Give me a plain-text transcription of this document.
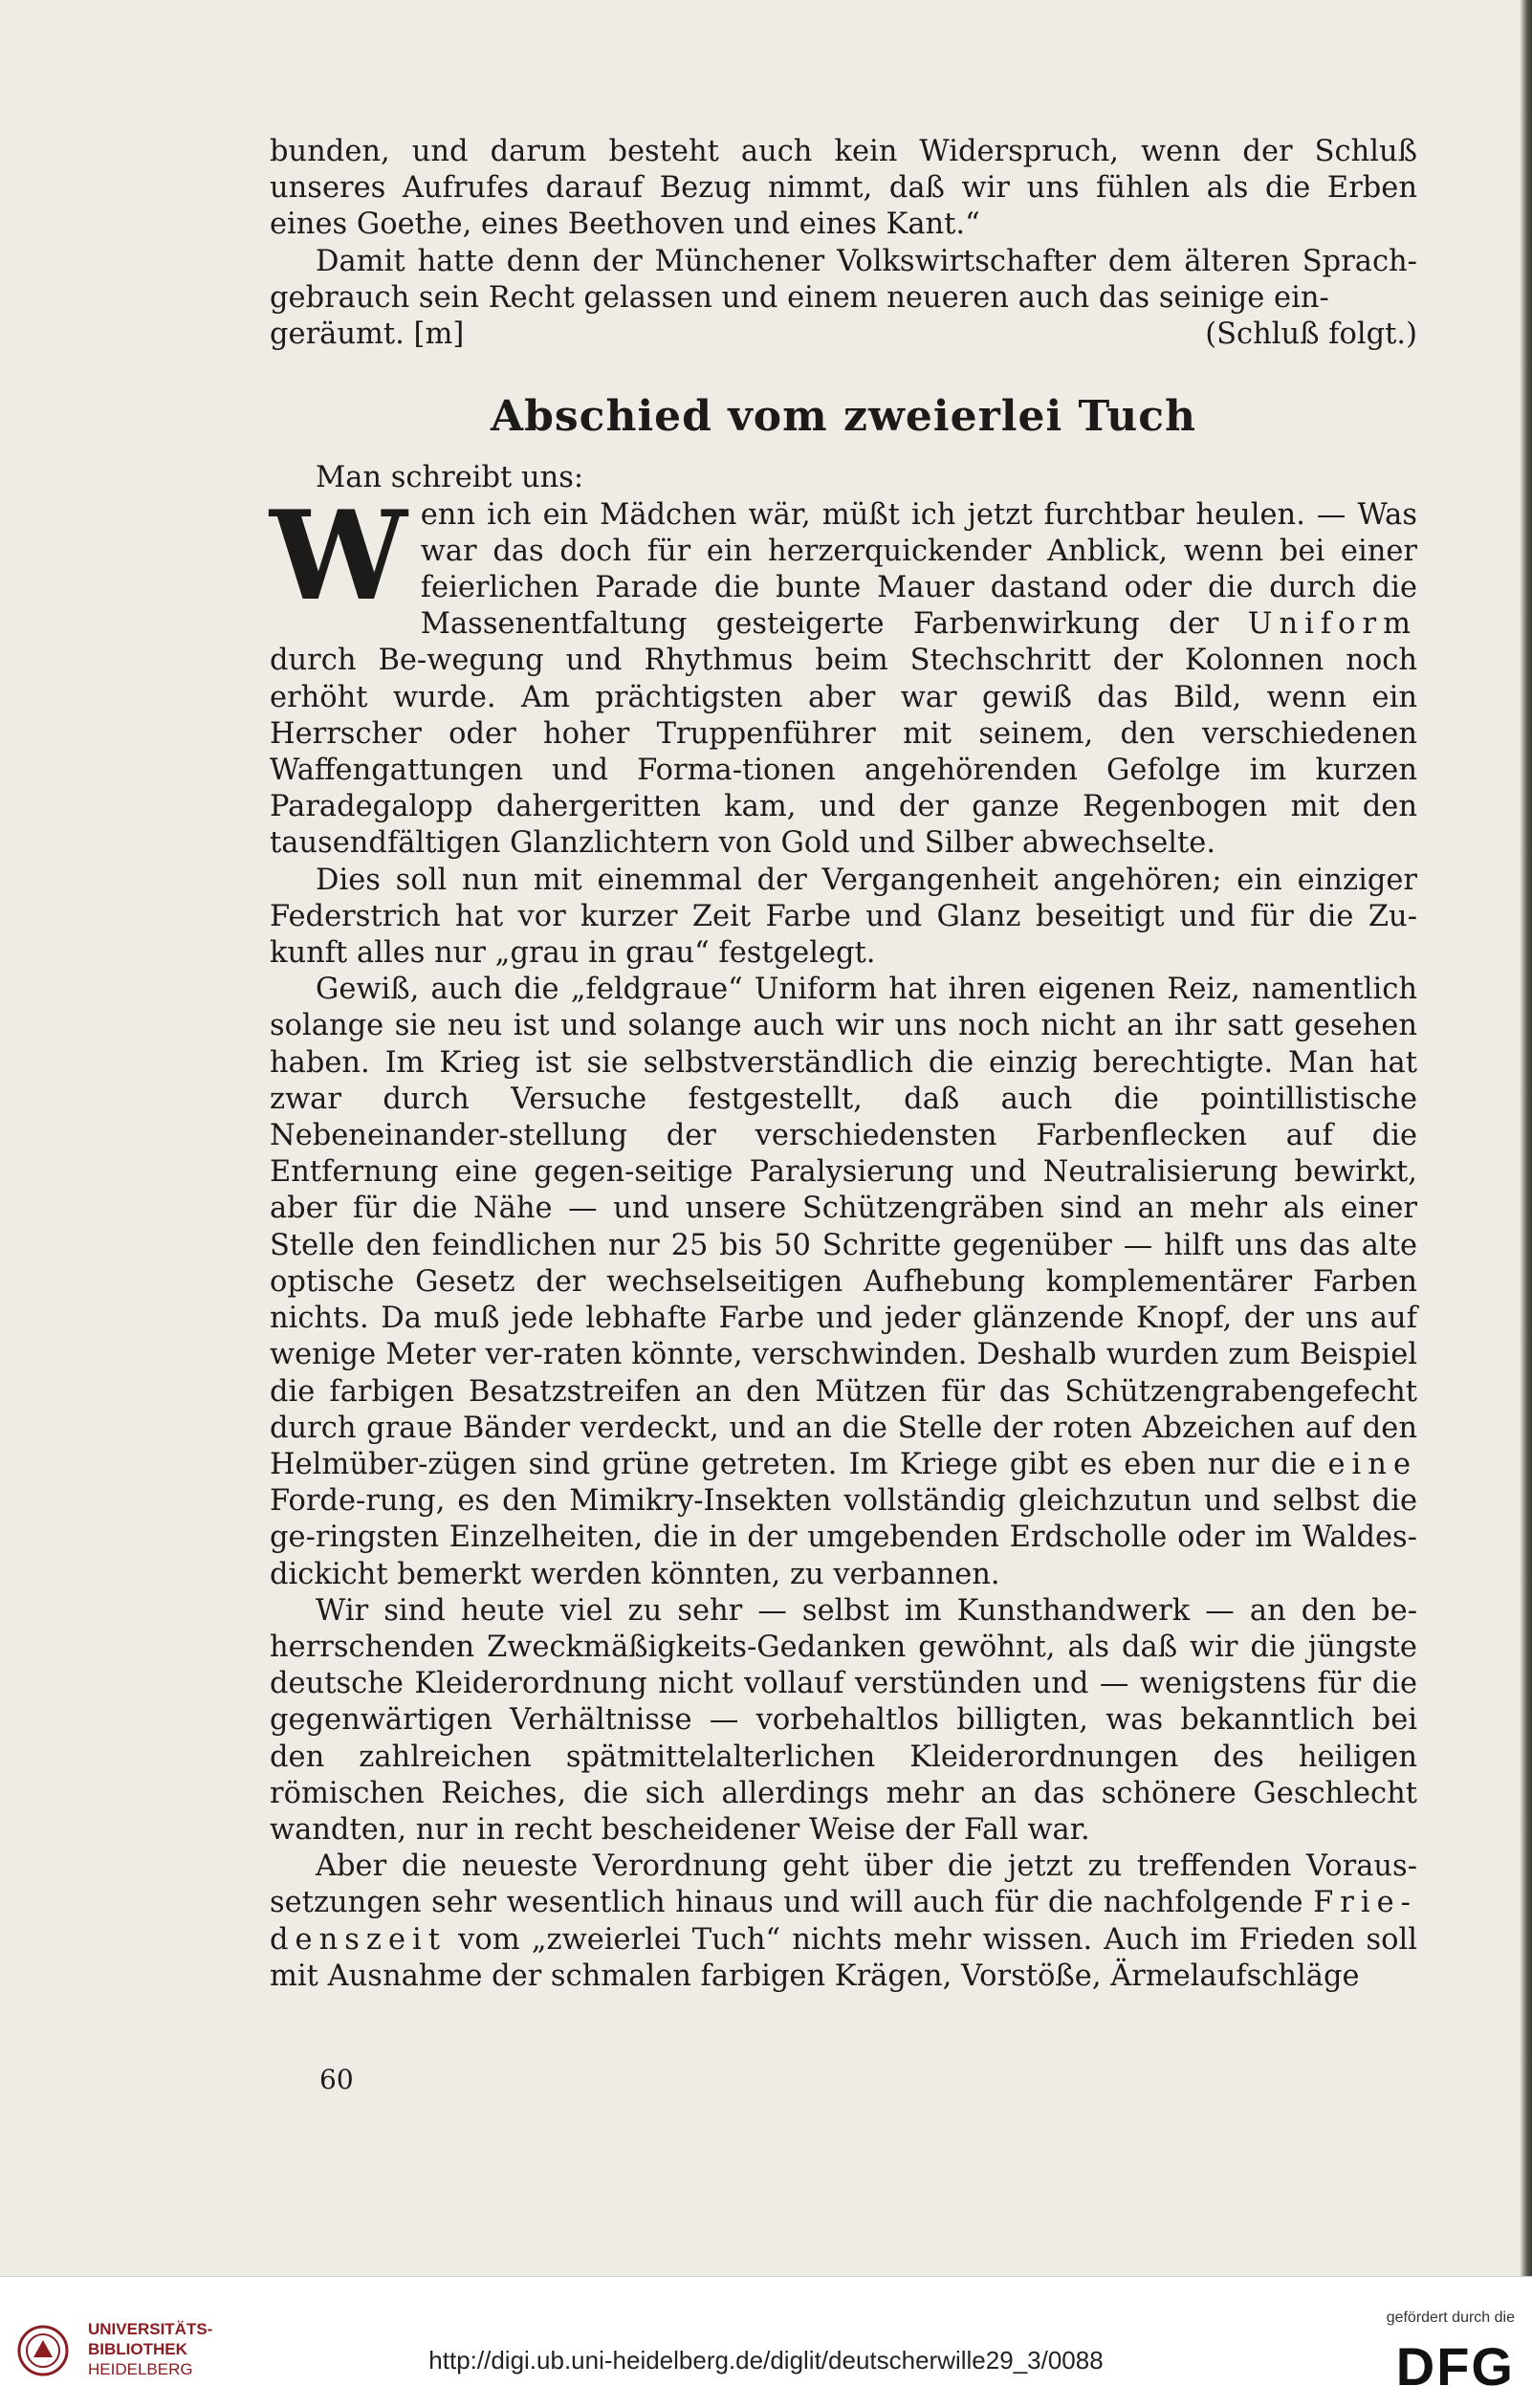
bunden, und darum besteht auch kein Widerspruch, wenn der Schluß unseres Aufrufes darauf Bezug nimmt, daß wir uns fühlen als die Erben eines Goethe, eines Beethoven und eines Kant.“

Damit hatte denn der Münchener Volkswirtschafter dem älteren Sprach-gebrauch sein Recht gelassen und einem neueren auch das seinige ein-

geräumt. [m]	(Schluß folgt.)
Abschied vom zweierlei Tuch

Man schreibt uns:

Wenn ich ein Mädchen wär, müßt ich jetzt furchtbar heulen. — Was war das doch für ein herzerquickender Anblick, wenn bei einer feierlichen Parade die bunte Mauer dastand oder die durch die Massenentfaltung gesteigerte Farbenwirkung der Uniform durch Be-wegung und Rhythmus beim Stechschritt der Kolonnen noch erhöht wurde. Am prächtigsten aber war gewiß das Bild, wenn ein Herrscher oder hoher Truppenführer mit seinem, den verschiedenen Waffengattungen und Forma-tionen angehörenden Gefolge im kurzen Paradegalopp dahergeritten kam, und der ganze Regenbogen mit den tausendfältigen Glanzlichtern von Gold und Silber abwechselte.

Dies soll nun mit einemmal der Vergangenheit angehören; ein einziger Federstrich hat vor kurzer Zeit Farbe und Glanz beseitigt und für die Zu-kunft alles nur „grau in grau“ festgelegt.

Gewiß, auch die „feldgraue“ Uniform hat ihren eigenen Reiz, namentlich solange sie neu ist und solange auch wir uns noch nicht an ihr satt gesehen haben. Im Krieg ist sie selbstverständlich die einzig berechtigte. Man hat zwar durch Versuche festgestellt, daß auch die pointillistische Nebeneinander-stellung der verschiedensten Farbenflecken auf die Entfernung eine gegen-seitige Paralysierung und Neutralisierung bewirkt, aber für die Nähe — und unsere Schützengräben sind an mehr als einer Stelle den feindlichen nur 25 bis 50 Schritte gegenüber — hilft uns das alte optische Gesetz der wechselseitigen Aufhebung komplementärer Farben nichts. Da muß jede lebhafte Farbe und jeder glänzende Knopf, der uns auf wenige Meter ver-raten könnte, verschwinden. Deshalb wurden zum Beispiel die farbigen Besatzstreifen an den Mützen für das Schützengrabengefecht durch graue Bänder verdeckt, und an die Stelle der roten Abzeichen auf den Helmüber-zügen sind grüne getreten. Im Kriege gibt es eben nur die eine Forde-rung, es den Mimikry-Insekten vollständig gleichzutun und selbst die ge-ringsten Einzelheiten, die in der umgebenden Erdscholle oder im Waldes-dickicht bemerkt werden könnten, zu verbannen.

Wir sind heute viel zu sehr — selbst im Kunsthandwerk — an den be-herrschenden Zweckmäßigkeits-Gedanken gewöhnt, als daß wir die jüngste deutsche Kleiderordnung nicht vollauf verstünden und — wenigstens für die gegenwärtigen Verhältnisse — vorbehaltlos billigten, was bekanntlich bei den zahlreichen spätmittelalterlichen Kleiderordnungen des heiligen römischen Reiches, die sich allerdings mehr an das schönere Geschlecht wandten, nur in recht bescheidener Weise der Fall war.

Aber die neueste Verordnung geht über die jetzt zu treffenden Voraus-setzungen sehr wesentlich hinaus und will auch für die nachfolgende Frie-denszeit vom „zweierlei Tuch“ nichts mehr wissen. Auch im Frieden soll mit Ausnahme der schmalen farbigen Krägen, Vorstöße, Ärmelaufschläge

60
UNIVERSITÄTS-
BIBLIOTHEK
HEIDELBERG	http://digi.ub.uni-heidelberg.de/diglit/deutscherwille29_3/0088
gefördert durch die
DFG
